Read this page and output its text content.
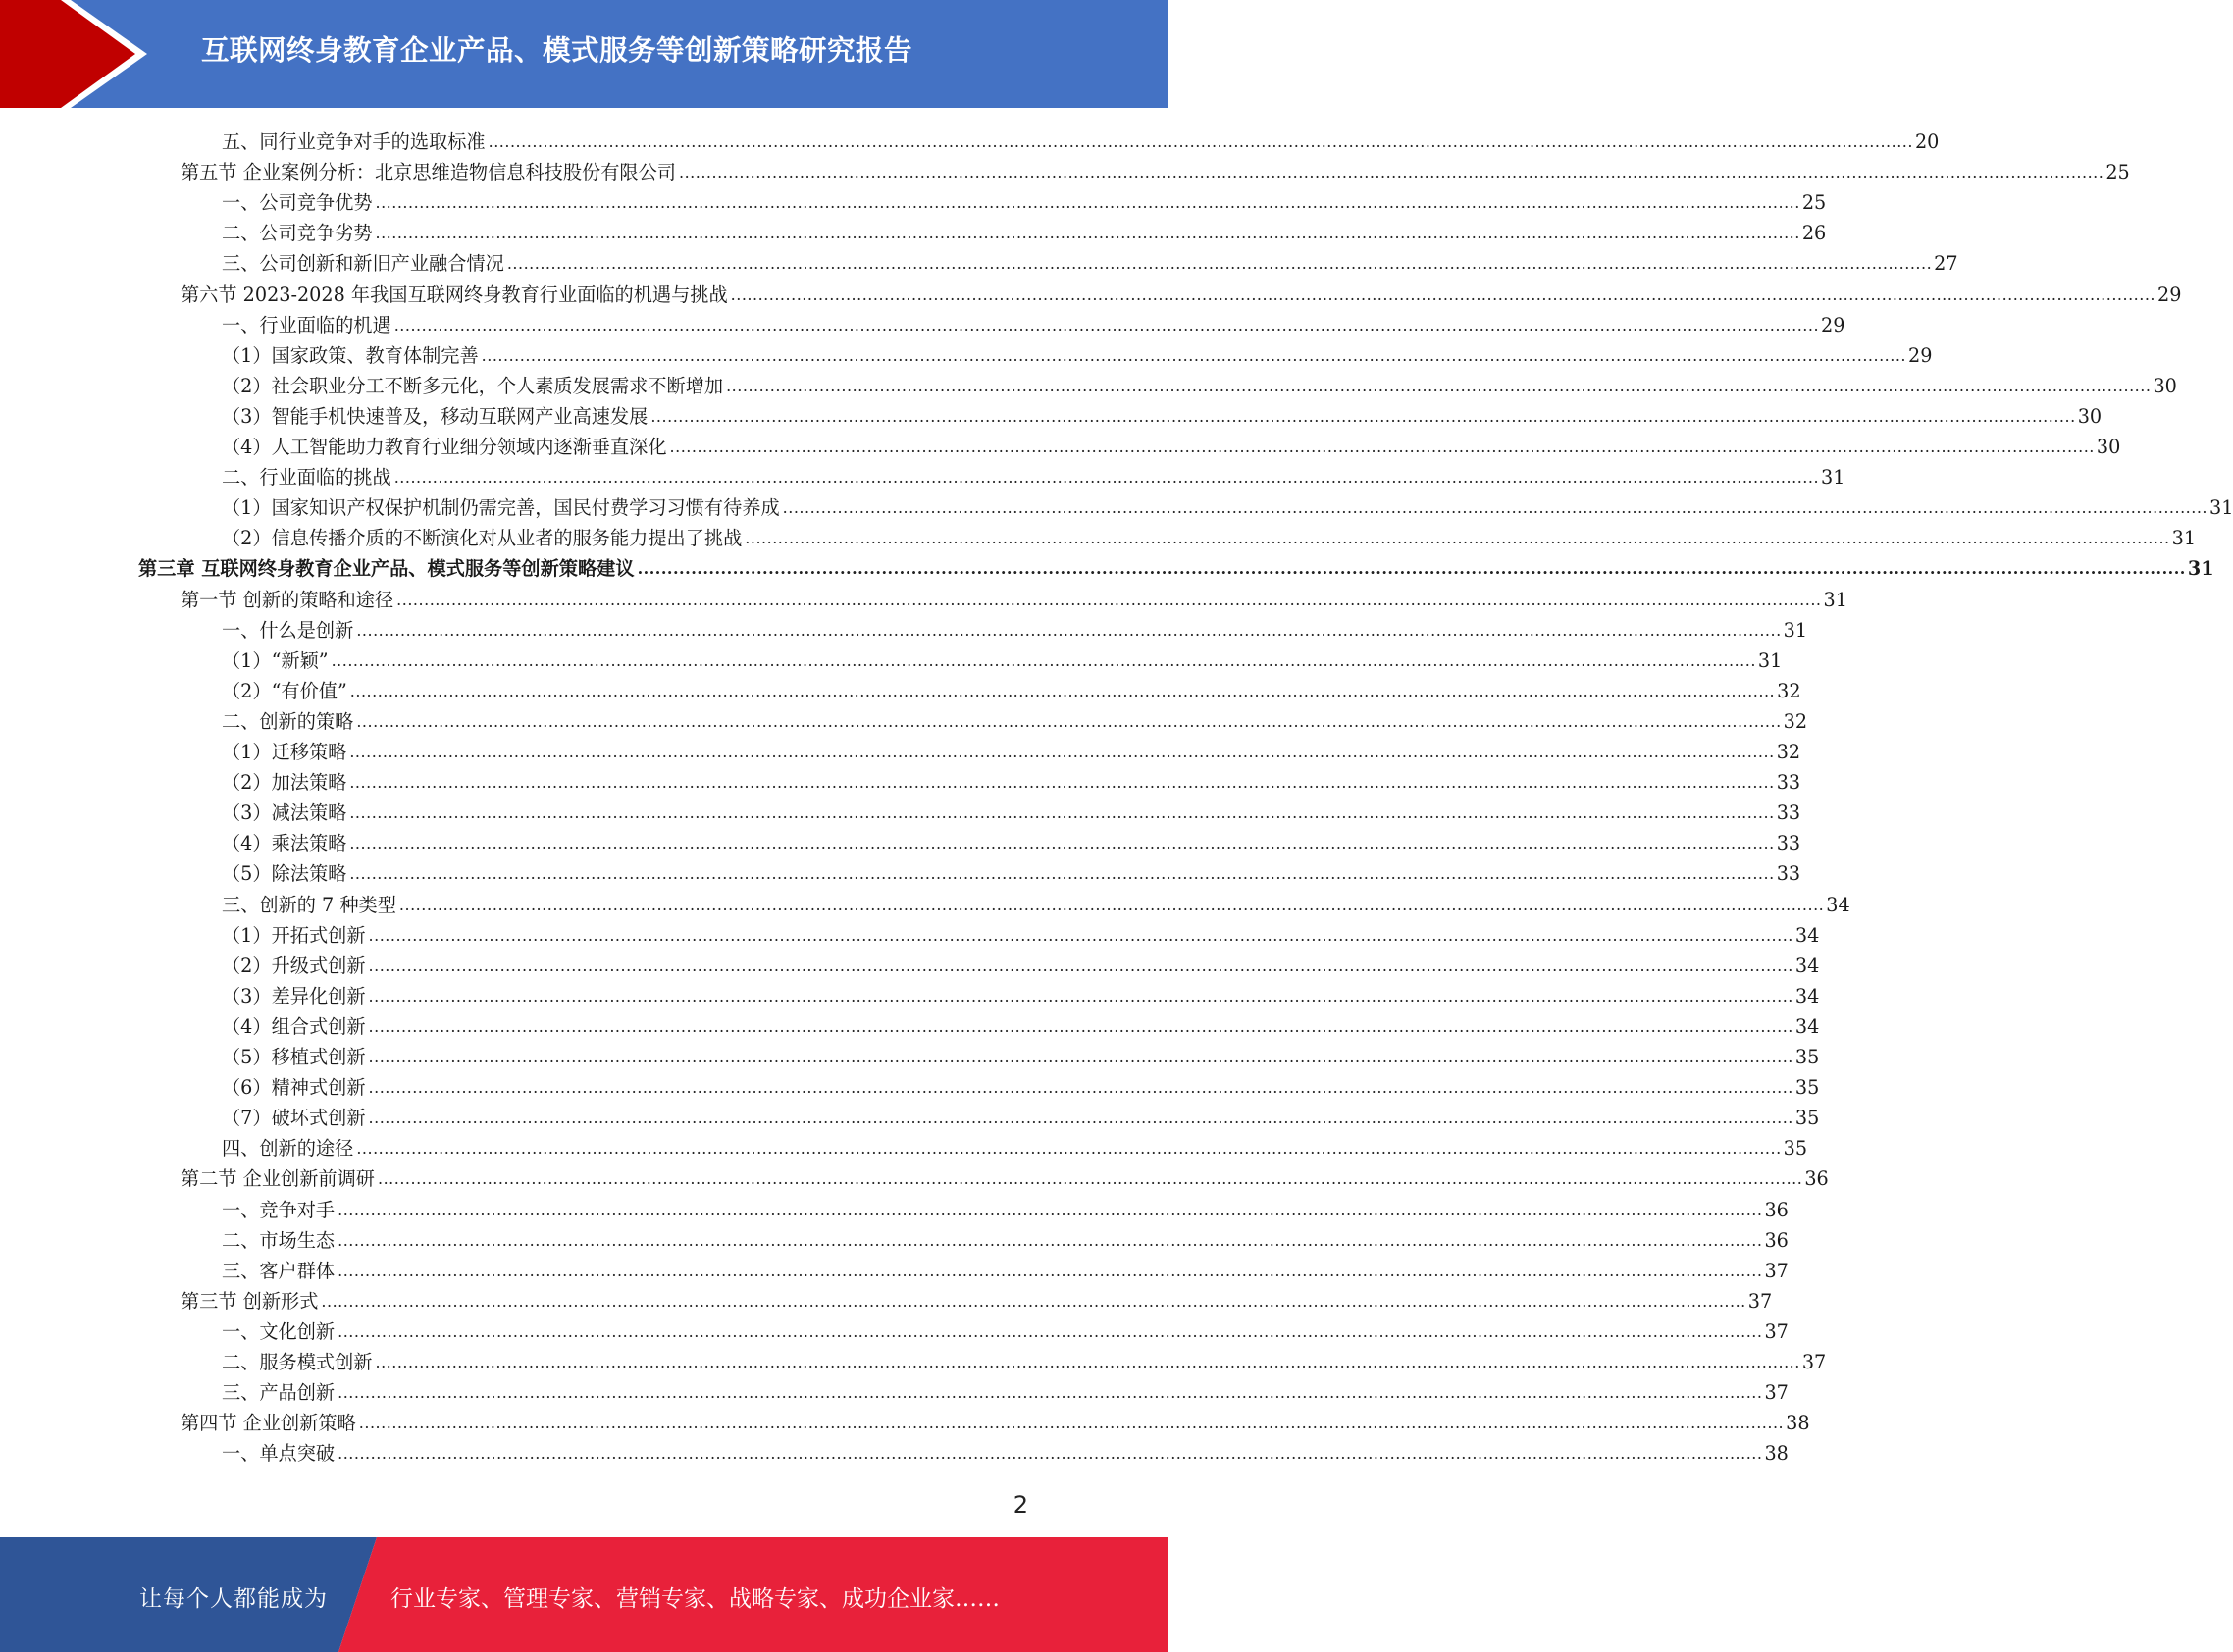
互联网终身教育企业产品、模式服务等创新策略研究报告
五、同行业竞争对手的选取标准 .................................................................................................................................................................................................................................................................... 20
第五节 企业案例分析：北京思维造物信息科技股份有限公司 .................................................................................................................................................................................................................................................................... 25
一、公司竞争优势 .................................................................................................................................................................................................................................................................... 25
二、公司竞争劣势 .................................................................................................................................................................................................................................................................... 26
三、公司创新和新旧产业融合情况 .................................................................................................................................................................................................................................................................... 27
第六节 2023-2028 年我国互联网终身教育行业面临的机遇与挑战 .................................................................................................................................................................................................................................................................... 29
一、行业面临的机遇 .................................................................................................................................................................................................................................................................... 29
（1）国家政策、教育体制完善 .................................................................................................................................................................................................................................................................... 29
（2）社会职业分工不断多元化，个人素质发展需求不断增加 .................................................................................................................................................................................................................................................................... 30
（3）智能手机快速普及，移动互联网产业高速发展 .................................................................................................................................................................................................................................................................... 30
（4）人工智能助力教育行业细分领域内逐渐垂直深化 .................................................................................................................................................................................................................................................................... 30
二、行业面临的挑战 .................................................................................................................................................................................................................................................................... 31
（1）国家知识产权保护机制仍需完善，国民付费学习习惯有待养成 .................................................................................................................................................................................................................................................................... 31
（2）信息传播介质的不断演化对从业者的服务能力提出了挑战 .................................................................................................................................................................................................................................................................... 31
第三章 互联网终身教育企业产品、模式服务等创新策略建议 .................................................................................................................................................................................................................................................................... 31
第一节 创新的策略和途径 .................................................................................................................................................................................................................................................................... 31
一、什么是创新 .................................................................................................................................................................................................................................................................... 31
（1）“新颖” .................................................................................................................................................................................................................................................................... 31
（2）“有价值” .................................................................................................................................................................................................................................................................... 32
二、创新的策略 .................................................................................................................................................................................................................................................................... 32
（1）迁移策略 .................................................................................................................................................................................................................................................................... 32
（2）加法策略 .................................................................................................................................................................................................................................................................... 33
（3）减法策略 .................................................................................................................................................................................................................................................................... 33
（4）乘法策略 .................................................................................................................................................................................................................................................................... 33
（5）除法策略 .................................................................................................................................................................................................................................................................... 33
三、创新的 7 种类型 .................................................................................................................................................................................................................................................................... 34
（1）开拓式创新 .................................................................................................................................................................................................................................................................... 34
（2）升级式创新 .................................................................................................................................................................................................................................................................... 34
（3）差异化创新 .................................................................................................................................................................................................................................................................... 34
（4）组合式创新 .................................................................................................................................................................................................................................................................... 34
（5）移植式创新 .................................................................................................................................................................................................................................................................... 35
（6）精神式创新 .................................................................................................................................................................................................................................................................... 35
（7）破坏式创新 .................................................................................................................................................................................................................................................................... 35
四、创新的途径 .................................................................................................................................................................................................................................................................... 35
第二节 企业创新前调研 .................................................................................................................................................................................................................................................................... 36
一、竞争对手 .................................................................................................................................................................................................................................................................... 36
二、市场生态 .................................................................................................................................................................................................................................................................... 36
三、客户群体 .................................................................................................................................................................................................................................................................... 37
第三节 创新形式 .................................................................................................................................................................................................................................................................... 37
一、文化创新 .................................................................................................................................................................................................................................................................... 37
二、服务模式创新 .................................................................................................................................................................................................................................................................... 37
三、产品创新 .................................................................................................................................................................................................................................................................... 37
第四节 企业创新策略 .................................................................................................................................................................................................................................................................... 38
一、单点突破 .................................................................................................................................................................................................................................................................... 38
2
让每个人都能成为	行业专家、管理专家、营销专家、战略专家、成功企业家……
